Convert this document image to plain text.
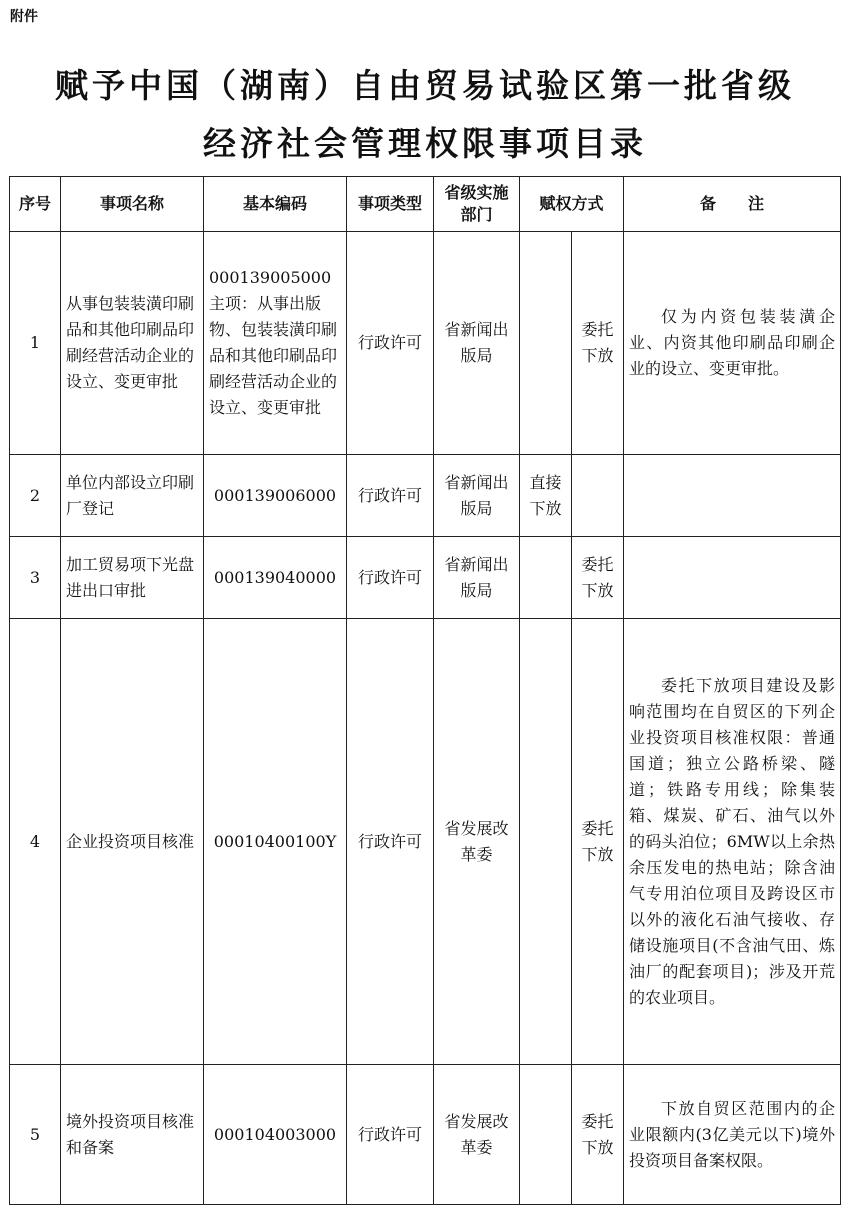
附件
赋予中国（湖南）自由贸易试验区第一批省级
经济社会管理权限事项目录
序号	事项名称	基本编码	事项类型	省级实施部门	赋权方式		备　　注
1	从事包装装潢印刷品和其他印刷品印刷经营活动企业的设立、变更审批	000139005000 主项：从事出版物、包装装潢印刷品和其他印刷品印刷经营活动企业的设立、变更审批	行政许可	省新闻出版局		委托下放	仅为内资包装装潢企业、内资其他印刷品印刷企业的设立、变更审批。

2	单位内部设立印刷厂登记	000139006000	行政许可	省新闻出版局	直接下放		
3	加工贸易项下光盘进出口审批	000139040000	行政许可	省新闻出版局		委托下放	
4	企业投资项目核准	00010400100Y	行政许可	省发展改革委		委托下放	委托下放项目建设及影响范围均在自贸区的下列企业投资项目核准权限：普通国道；独立公路桥梁、隧道；铁路专用线；除集装箱、煤炭、矿石、油气以外的码头泊位；6MW以上余热余压发电的热电站；除含油气专用泊位项目及跨设区市以外的液化石油气接收、存储设施项目(不含油气田、炼油厂的配套项目)；涉及开荒的农业项目。

5	境外投资项目核准和备案	000104003000	行政许可	省发展改革委		委托下放	下放自贸区范围内的企业限额内(3亿美元以下)境外投资项目备案权限。
